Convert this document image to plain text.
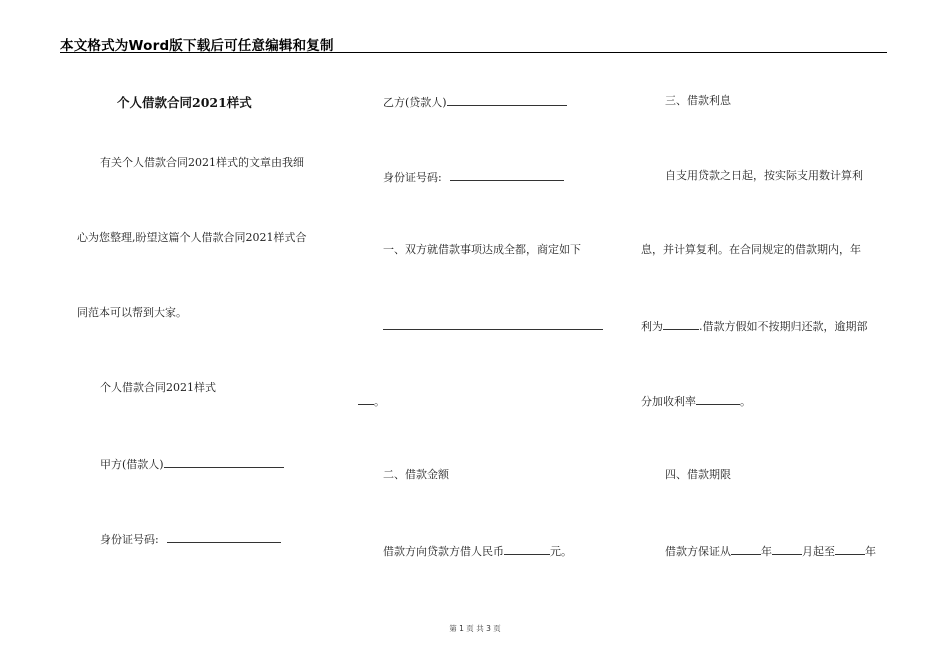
本文格式为Word版下载后可任意编辑和复制
个人借款合同2021样式
有关个人借款合同2021样式的文章由我细
心为您整理,盼望这篇个人借款合同2021样式合
同范本可以帮到大家。
个人借款合同2021样式
甲方(借款人)
身份证号码:
乙方(贷款人)
身份证号码:
一、双方就借款事项达成全都，商定如下
。
二、借款金额
借款方向贷款方借人民币	元。
三、借款利息
自支用贷款之日起，按实际支用数计算利
息，并计算复利。在合同规定的借款期内，年
利为	.借款方假如不按期归还款，逾期部
分加收利率	。
四、借款期限
借款方保证从	年	月起至	年
第 1 页 共 3 页
